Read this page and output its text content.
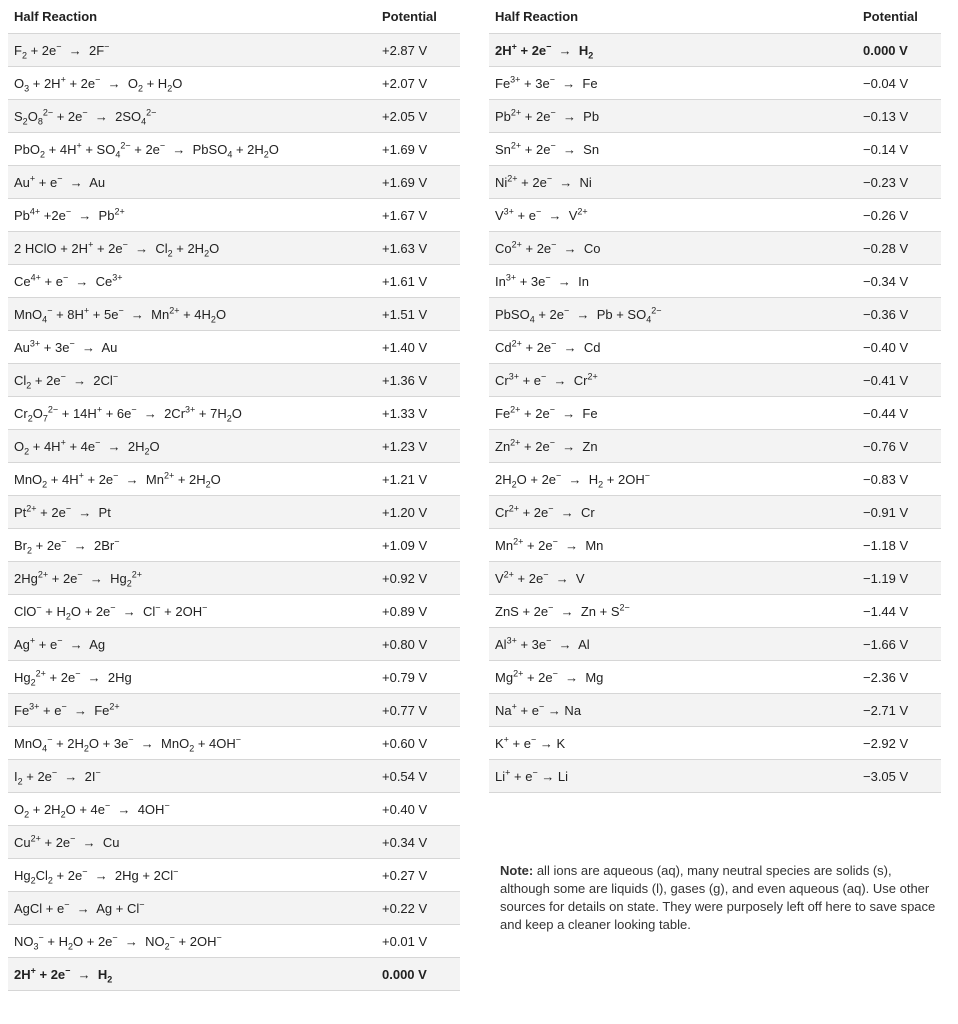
Half Reaction	Potential
$F_2 + 2e^- \to 2F^-$	+2.87 V
$O_3 + 2H^+ + 2e^- \to O_2 + H_2O$	+2.07 V
$S_2O_8^{2-} + 2e^- \to 2SO_4^{2-}$	+2.05 V
$PbO_2 + 4H^+ + SO_4^{2-} + 2e^-$  →  PbSO$_4$ + $2H_2O$	+1.69 V
Au+ + e−  →  Au	+1.69 V
$Pb^{4+} +2e^- \to Pb^{2+}$	+1.67 V
2 HClO + $2H^+ + 2e^- \to Cl_2 + 2H_2O$	+1.63 V
$Ce^{4+} + e^- \to Ce^{3+}$	+1.61 V
$MnO_4^- + 8H^+ + 5e^- \to Mn^{2+} + 4H_2O$	+1.51 V
$Au^{3+} + 3e^- \to Au$	+1.40 V
$Cl_2 + 2e^- \to 2Cl^-$	+1.36 V
$Cr_2O_7^{2-} + 14H^+ + 6e^- \to 2Cr^{3+} + 7H_2O$	+1.33 V
$O_2 + 4H^+ + 4e^- \to 2H_2O$	+1.23 V
$MnO_2 + 4H^+ + 2e^- \to Mn^{2+} + 2H_2O$	+1.21 V
$Pt^{2+} + 2e^- \to Pt$	+1.20 V
$Br_2 + 2e^- \to 2Br^-$	+1.09 V
$2Hg^{2+} + 2e^- \to Hg_2^{2+}$	+0.92 V
$ClO^- + H_2O + 2e^- \to Cl^- + 2OH^-$	+0.89 V
Ag+ + e−  →  Ag	+0.80 V
$Hg_2^{2+} + 2e^- \to 2Hg$	+0.79 V
$Fe^{3+} + e^- \to Fe^{2+}$	+0.77 V
$MnO_4^- + 2H_2O + 3e^- \to MnO_2 + 4OH^-$	+0.60 V
$I_2 + 2e^- \to 2I^-$	+0.54 V
$O_2 + 2H_2O + 4e^- \to 4OH^-$	+0.40 V
$Cu^{2+} + 2e^- \to Cu$	+0.34 V
$Hg_2Cl_2 + 2e^- \to 2Hg + 2Cl^-$	+0.27 V
AgCl + e−  →  Ag + Cl−	+0.22 V
$NO_3^- + H_2O + 2e^- \to NO_2^- + 2OH^-$	+0.01 V
$2H^+ + 2e^- \to H_2$	0.000 V
Half Reaction	Potential
$2H^+ + 2e^- \to H_2$	0.000 V
$Fe^{3+} + 3e^- \to Fe$	−0.04 V
$Pb^{2+} + 2e^- \to Pb$	−0.13 V
$Sn^{2+} + 2e^- \to Sn$	−0.14 V
$Ni^{2+} + 2e^- \to Ni$	−0.23 V
$V^{3+} + e^- \to V^{2+}$	−0.26 V
$Co^{2+} + 2e^- \to Co$	−0.28 V
$In^{3+} + 3e^- \to In$	−0.34 V
PbSO$_4$ + $2e^- \to Pb + SO_4^{2-}$	−0.36 V
$Cd^{2+} + 2e^- \to Cd$	−0.40 V
$Cr^{3+} + e^- \to Cr^{2+}$	−0.41 V
$Fe^{2+} + 2e^- \to Fe$	−0.44 V
$Zn^{2+} + 2e^- \to Zn$	−0.76 V
$2H_2O + 2e^- \to H_2 + 2OH^-$	−0.83 V
$Cr^{2+} + 2e^- \to Cr$	−0.91 V
$Mn^{2+} + 2e^- \to Mn$	−1.18 V
$V^{2+} + 2e^- \to V$	−1.19 V
ZnS + $2e^- \to Zn + S^{2-}$	−1.44 V
$Al^{3+} + 3e^- \to Al$	−1.66 V
$Mg^{2+} + 2e^- \to Mg$	−2.36 V
Na+ + e− → Na	−2.71 V
K+ + e− → K	−2.92 V
Li+ + e− → Li	−3.05 V
Note: all ions are aqueous (aq), many neutral species are solids (s), although some are liquids (l), gases (g), and even aqueous (aq). Use other sources for details on state. They were purposely left off here to save space and keep a cleaner looking table.
